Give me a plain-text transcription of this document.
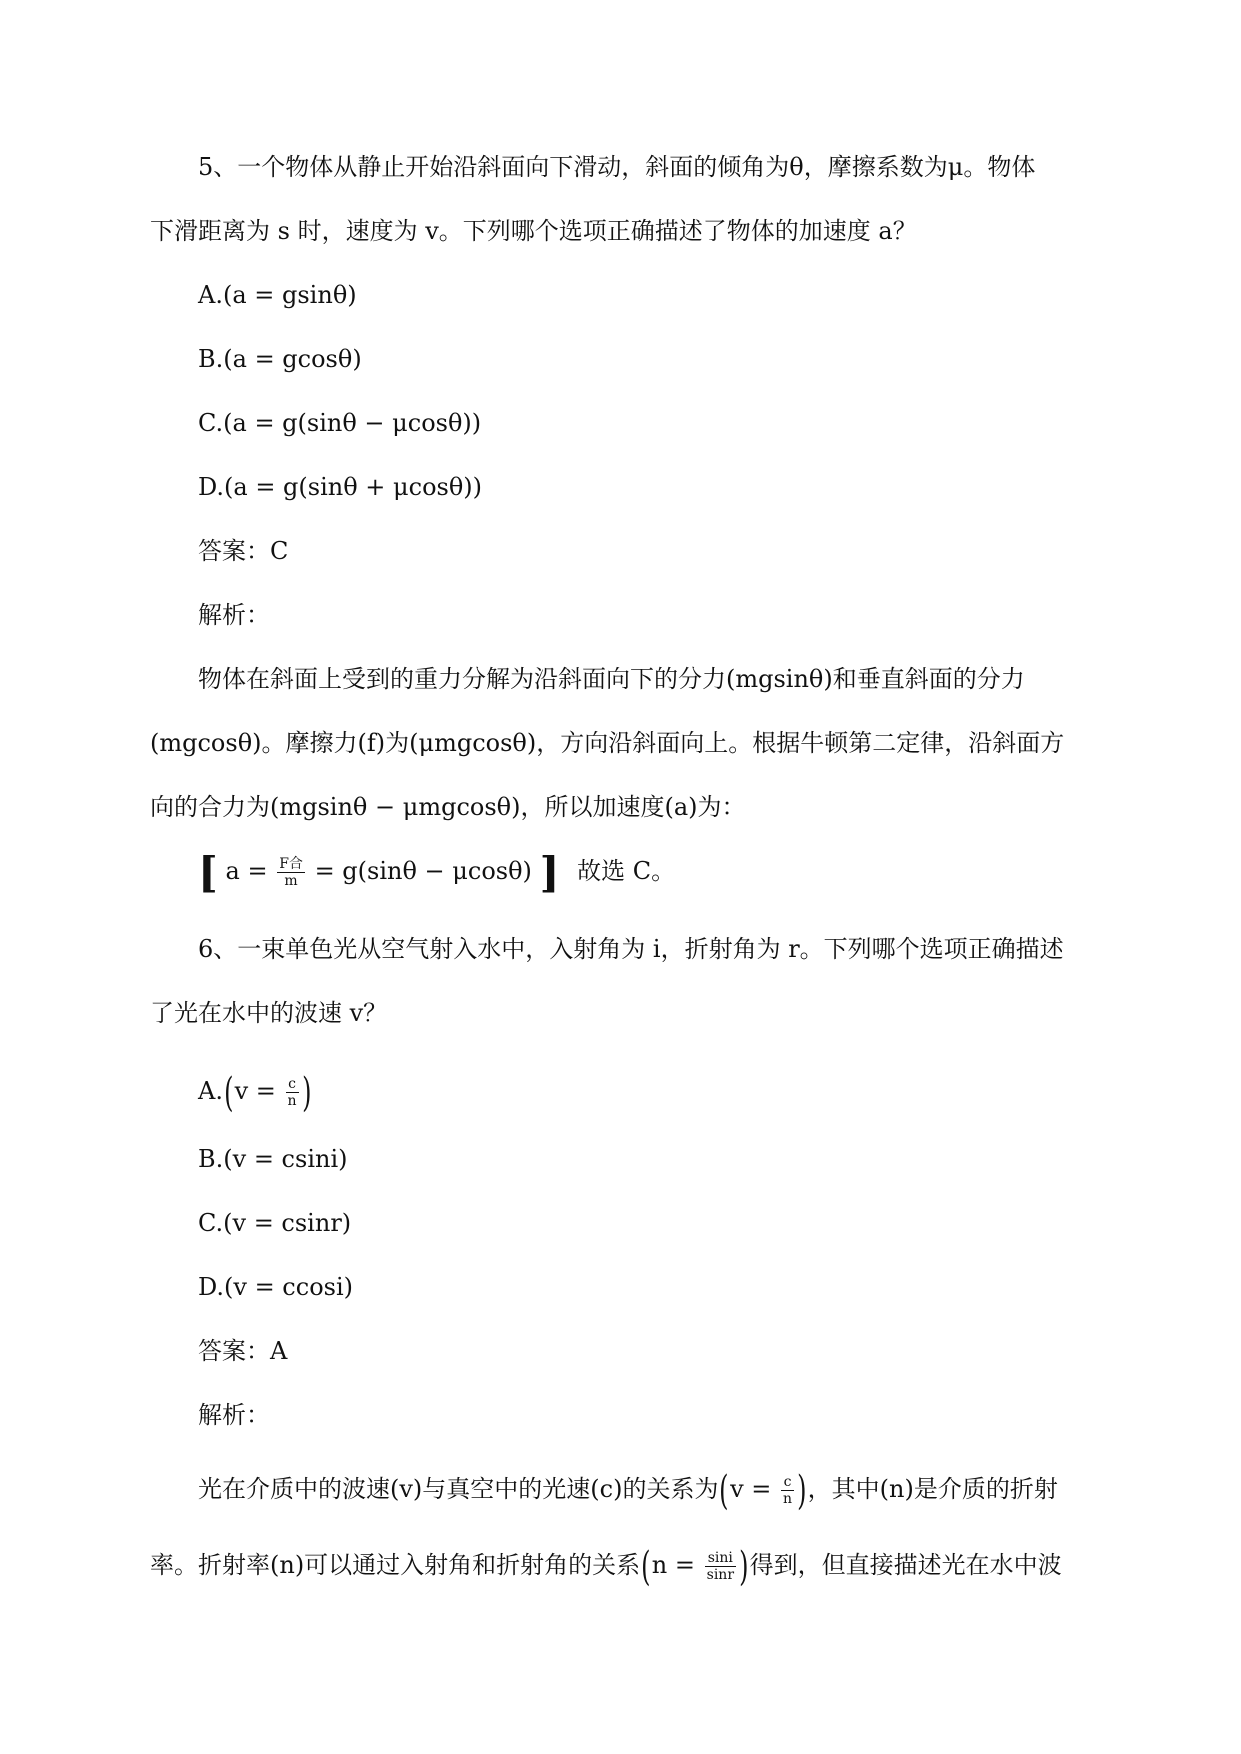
5、一个物体从静止开始沿斜面向下滑动，斜面的倾角为θ，摩擦系数为μ。物体
下滑距离为 s 时，速度为 v。下列哪个选项正确描述了物体的加速度 a？
A.(a = gsinθ)
B.(a = gcosθ)
C.(a = g(sinθ − μcosθ))
D.(a = g(sinθ + μcosθ))
答案：C
解析：
物体在斜面上受到的重力分解为沿斜面向下的分力(mgsinθ)和垂直斜面的分力
(mgcosθ)。摩擦力(f)为(μmgcosθ)，方向沿斜面向上。根据牛顿第二定律，沿斜面方
向的合力为(mgsinθ − μmgcosθ)，所以加速度(a)为：
[ $a = \frac{\text{F合}}{m} = g(\sin\theta - \mu\cos\theta)$ ] 故选 C。
6、一束单色光从空气射入水中，入射角为 i，折射角为 r。下列哪个选项正确描述
了光在水中的波速 v？
$A.(v = \frac{c}{n}$ )
B.(v = csini)
C.(v = csinr)
D.(v = ccosi)
答案：A
解析：
光在介质中的波速(v)与真空中的光速(c)的关系为($v = \frac{c}{n}$ )，其中(n)是介质的折射
率。折射率(n)可以通过入射角和折射角的关系($n = \frac{\sin i}{\sin r}$ )得到，但直接描述光在水中波
